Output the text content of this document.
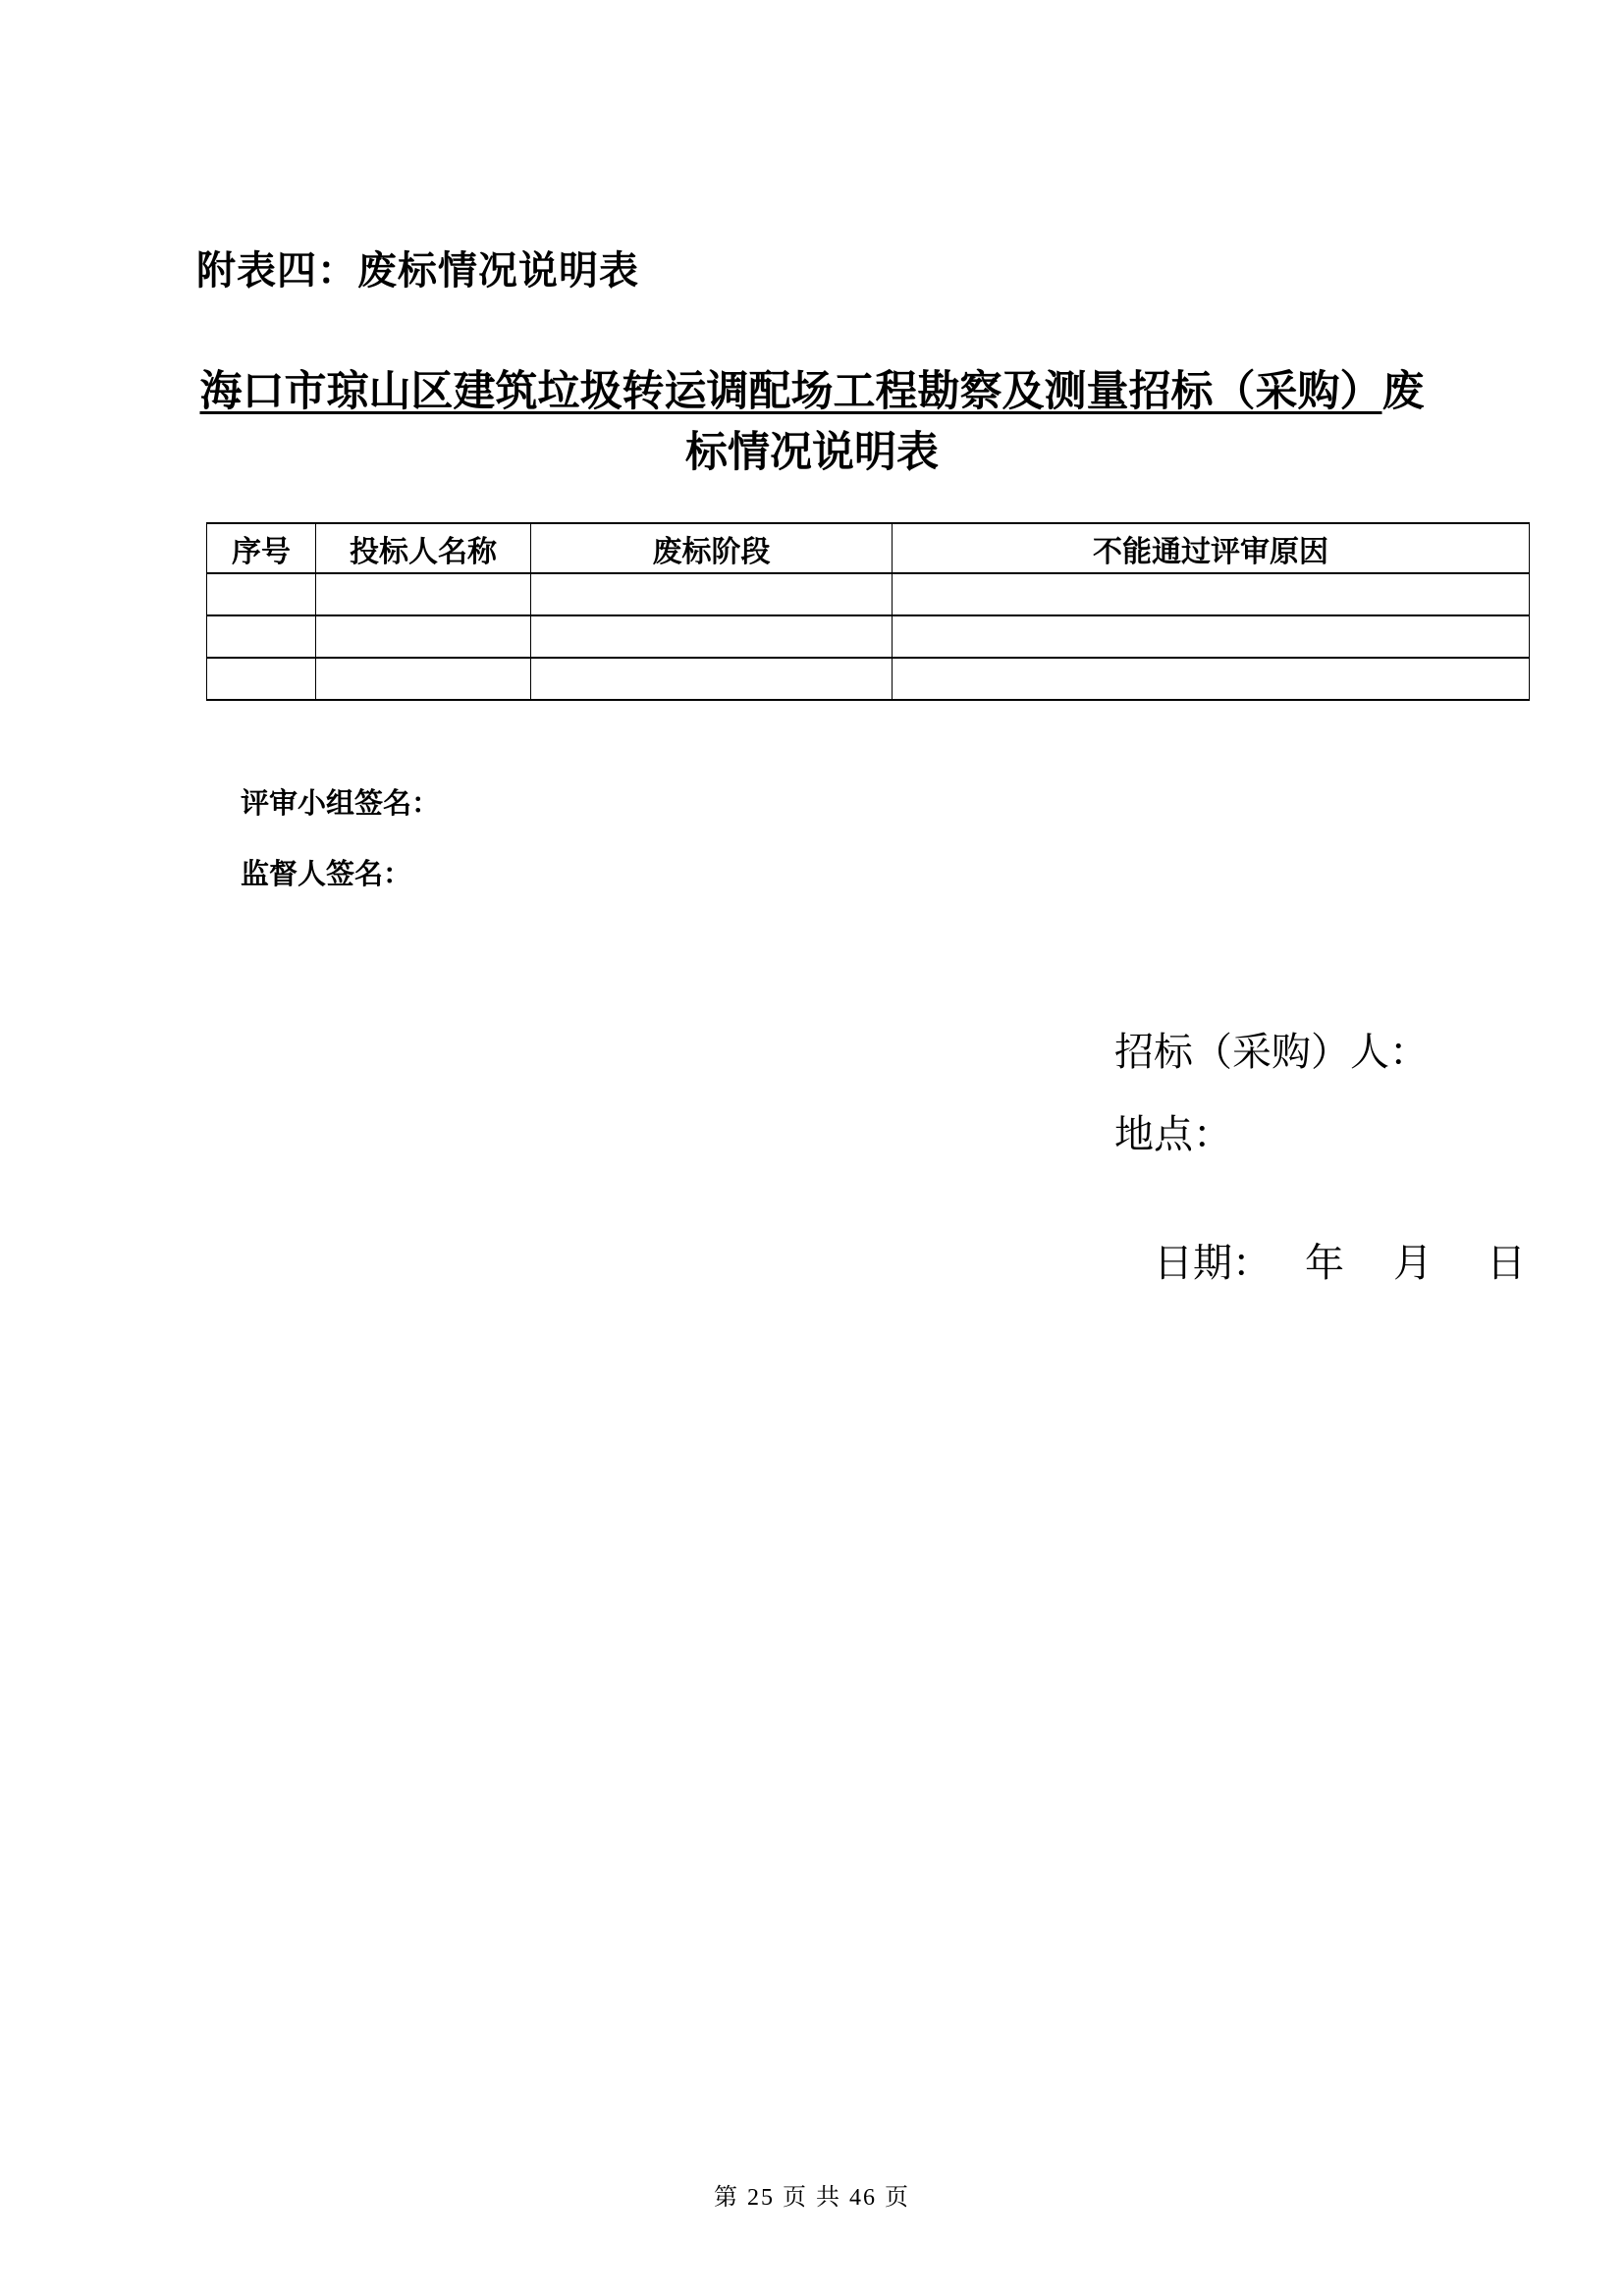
附表四：废标情况说明表
海口市琼山区建筑垃圾转运调配场工程勘察及测量招标（采购）废
标情况说明表
序号	投标人名称	废标阶段	不能通过评审原因

评审小组签名：
监督人签名：
招标（采购）人：
地点：

日期： 年 月 日

第 25 页 共 46 页
